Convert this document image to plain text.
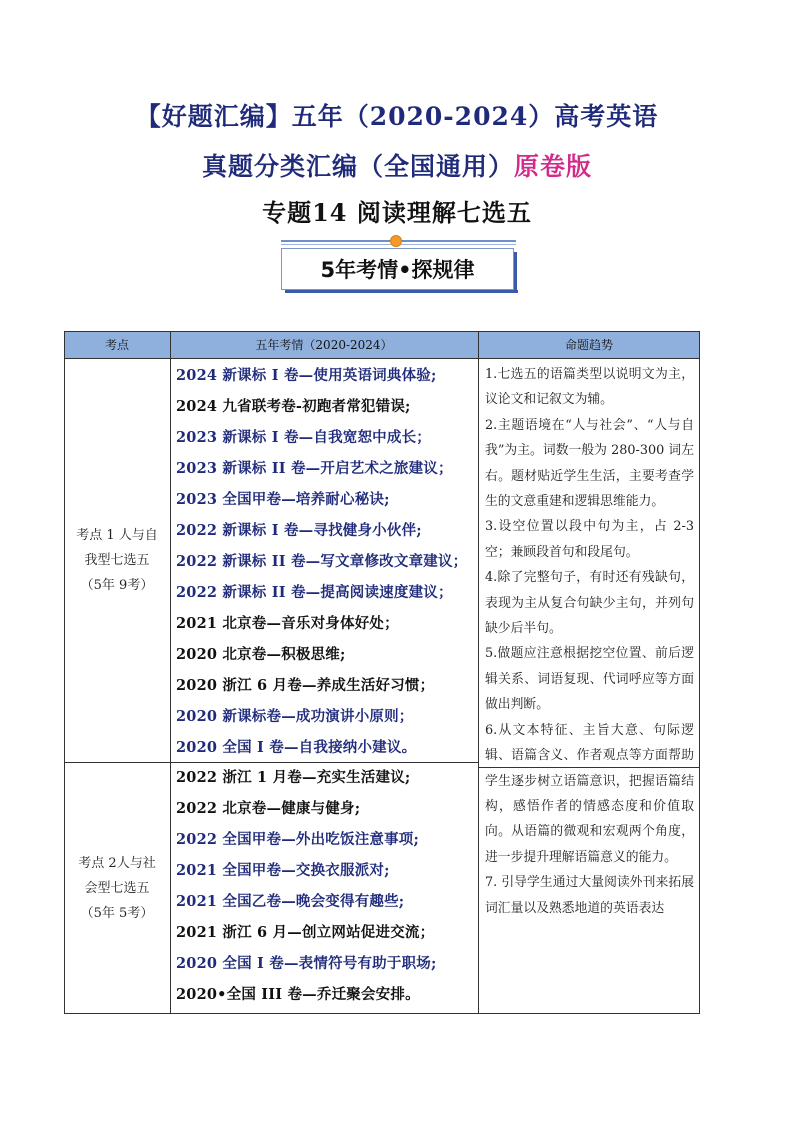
【好题汇编】五年（2020-2024）高考英语
真题分类汇编（全国通用）原卷版
专题14 阅读理解七选五
5年考情•探规律
考点	五年考情（2020-2024）	命题趋势
考点 1 人与自
我型七选五
（5年 9考）
2024 新课标 I 卷—使用英语词典体验;
2024 九省联考卷-初跑者常犯错误;
2023 新课标 I 卷—自我宽恕中成长；
2023 新课标 II 卷—开启艺术之旅建议；
2023 全国甲卷—培养耐心秘诀;
2022 新课标 I 卷—寻找健身小伙伴;
2022 新课标 II 卷—写文章修改文章建议；
2022 新课标 II 卷—提高阅读速度建议；
2021 北京卷—音乐对身体好处；
2020 北京卷—积极思维;
2020 浙江 6 月卷—养成生活好习惯；
2020 新课标卷—成功演讲小原则；
2020 全国 I 卷—自我接纳小建议。
考点 2人与社
会型七选五
（5年 5考）
2022 浙江 1 月卷—充实生活建议;
2022 北京卷—健康与健身;
2022 全国甲卷—外出吃饭注意事项;
2021 全国甲卷—交换衣服派对;
2021 全国乙卷—晚会变得有趣些;
2021 浙江 6 月—创立网站促进交流；
2020 全国 I 卷—表情符号有助于职场;
2020•全国 III 卷—乔迁聚会安排。

1.七选五的语篇类型以说明文为主，议论文和记叙文为辅。

2.主题语境在“人与社会”、“人与自我”为主。词数一般为 280-300 词左右。题材贴近学生生活，主要考查学生的文意重建和逻辑思维能力。

3.设空位置以段中句为主，占 2-3 空；兼顾段首句和段尾句。

4.除了完整句子，有时还有残缺句，表现为主从复合句缺少主句，并列句缺少后半句。

5.做题应注意根据挖空位置、前后逻辑关系、词语复现、代词呼应等方面做出判断。

6.从文本特征、主旨大意、句际逻辑、语篇含义、作者观点等方面帮助学生逐步树立语篇意识，把握语篇结构，感悟作者的情感态度和价值取向。从语篇的微观和宏观两个角度，进一步提升理解语篇意义的能力。

7. 引导学生通过大量阅读外刊来拓展词汇量以及熟悉地道的英语表达
